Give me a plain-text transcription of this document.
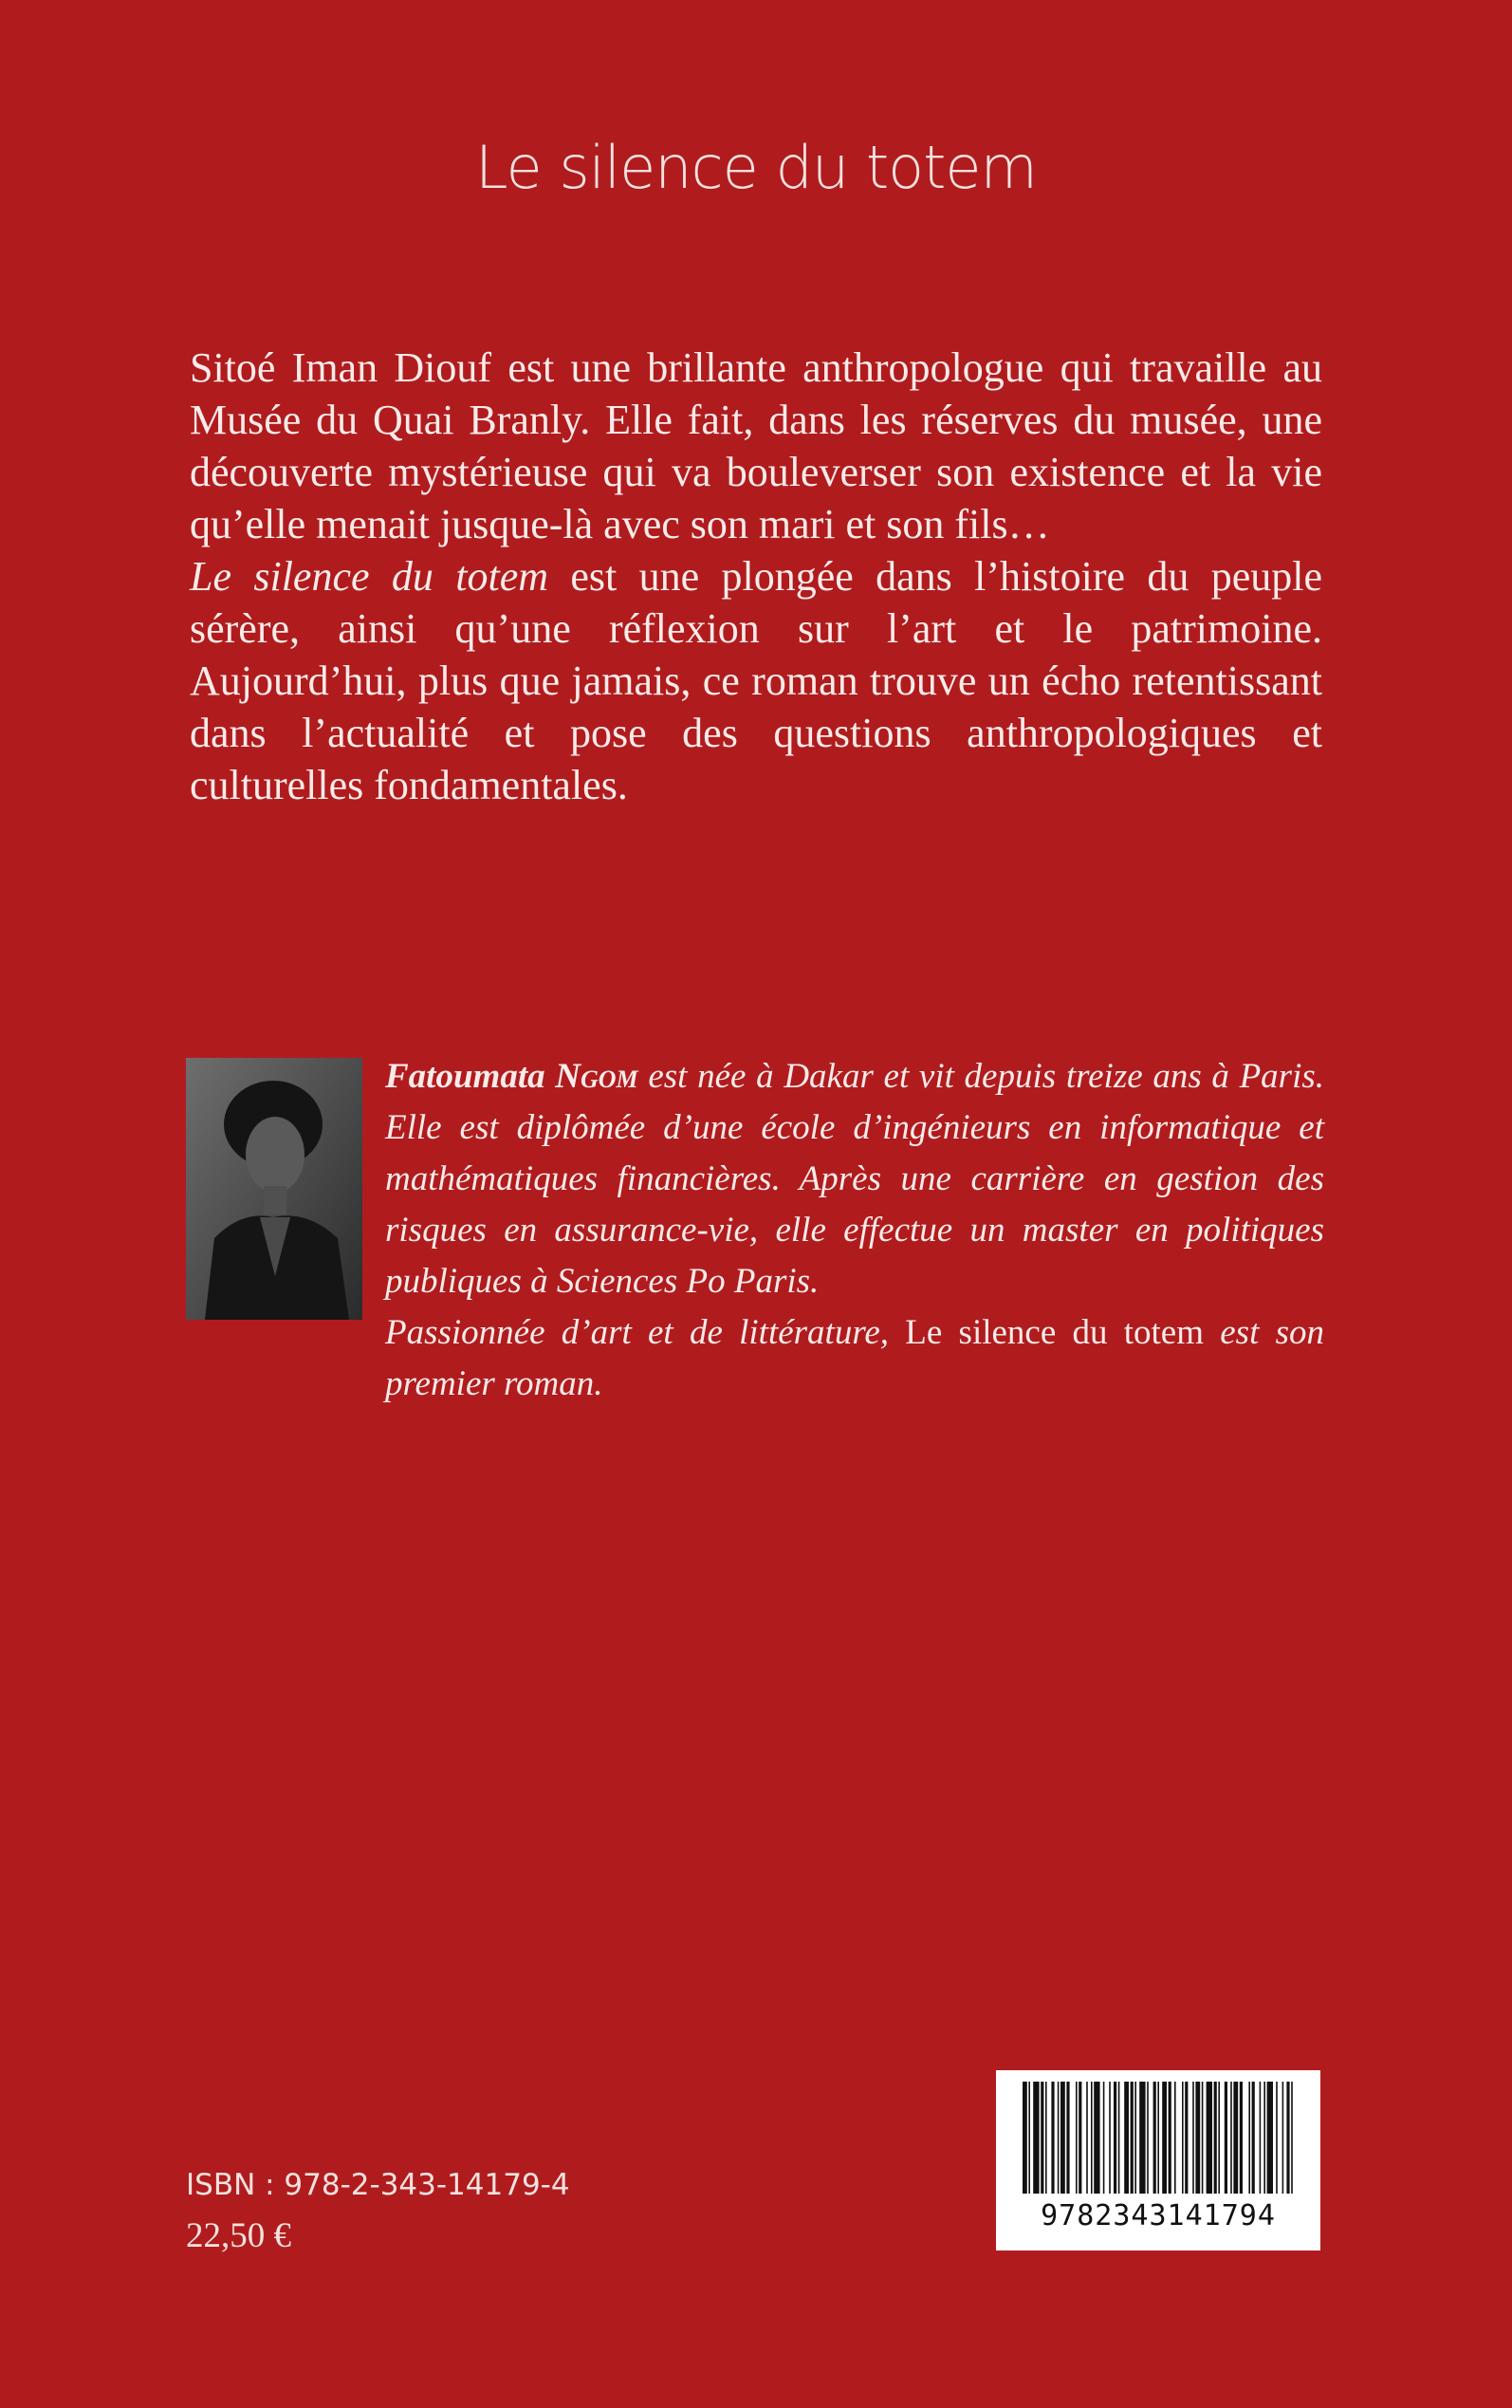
Le silence du totem

Sitoé Iman Diouf est une brillante anthropologue qui travaille au Musée du Quai Branly. Elle fait, dans les réserves du musée, une découverte mystérieuse qui va bouleverser son existence et la vie qu’elle menait jusque-là avec son mari et son fils…

Le silence du totem est une plongée dans l’histoire du peuple sérère, ainsi qu’une réflexion sur l’art et le patrimoine. Aujourd’hui, plus que jamais, ce roman trouve un écho retentissant dans l’actualité et pose des questions anthropologiques et culturelles fondamentales.

Fatoumata Ngom est née à Dakar et vit depuis treize ans à Paris. Elle est diplômée d’une école d’ingénieurs en informatique et mathématiques financières. Après une carrière en gestion des risques en assurance-vie, elle effectue un master en politiques publiques à Sciences Po Paris.

Passionnée d’art et de littérature, Le silence du totem est son premier roman.

ISBN : 978-2-343-14179-4
22,50 €
9782343141794
